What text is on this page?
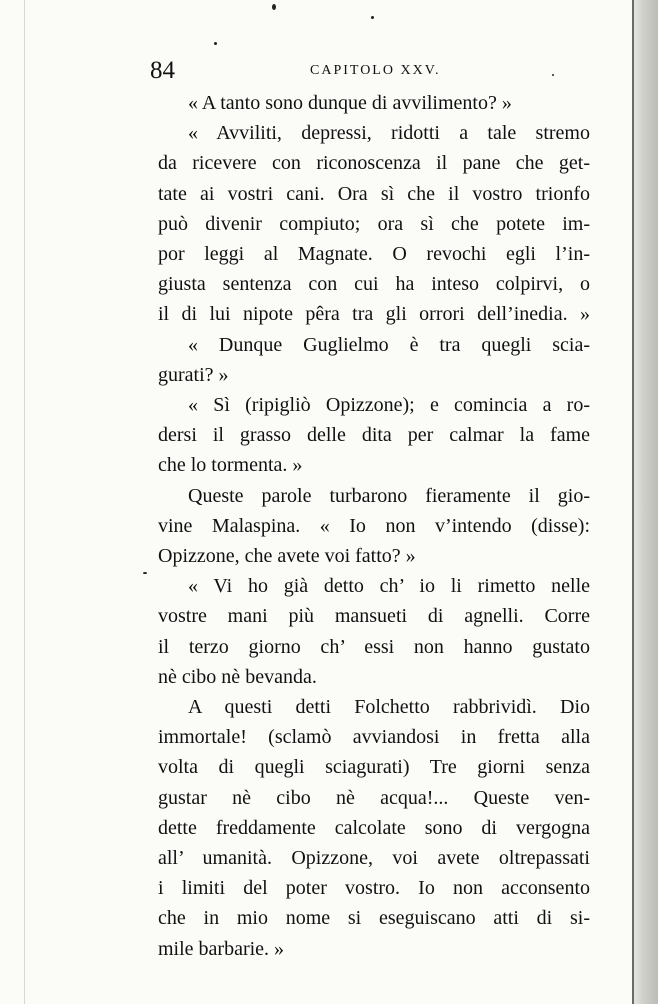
84	CAPITOLO XXV.
« A tanto sono dunque di avvilimento? »
« Avviliti, depressi, ridotti a tale stremo
da ricevere con riconoscenza il pane che get-
tate ai vostri cani. Ora sì che il vostro trionfo
può divenir compiuto; ora sì che potete im-
por leggi al Magnate. O revochi egli l’in-
giusta sentenza con cui ha inteso colpirvi, o
il di lui nipote pêra tra gli orrori dell’inedia. »
« Dunque Guglielmo è tra quegli scia-
gurati? »
« Sì (ripigliò Opizzone); e comincia a ro-
dersi il grasso delle dita per calmar la fame
che lo tormenta. »
Queste parole turbarono fieramente il gio-
vine Malaspina. « Io non v’intendo (disse):
Opizzone, che avete voi fatto? »
« Vi ho già detto ch’ io li rimetto nelle
vostre mani più mansueti di agnelli. Corre
il terzo giorno ch’ essi non hanno gustato
nè cibo nè bevanda.
A questi detti Folchetto rabbrividì. Dio
immortale! (sclamò avviandosi in fretta alla
volta di quegli sciagurati) Tre giorni senza
gustar nè cibo nè acqua!... Queste ven-
dette freddamente calcolate sono di vergogna
all’ umanità. Opizzone, voi avete oltrepassati
i limiti del poter vostro. Io non acconsento
che in mio nome si eseguiscano atti di si-
mile barbarie. »
